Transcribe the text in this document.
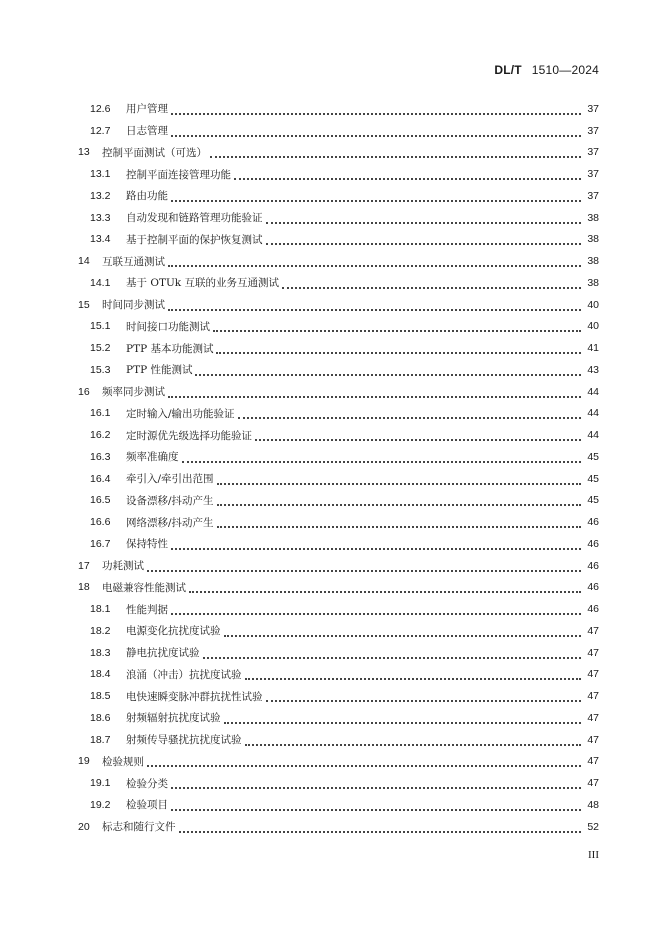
DL/T 1510—2024
12.6	用户管理	37
12.7	日志管理	37
13	控制平面测试（可选）	37
13.1	控制平面连接管理功能	37
13.2	路由功能	37
13.3	自动发现和链路管理功能验证	38
13.4	基于控制平面的保护恢复测试	38
14	互联互通测试	38
14.1	基于 OTUk 互联的业务互通测试	38
15	时间同步测试	40
15.1	时间接口功能测试	40
15.2	PTP 基本功能测试	41
15.3	PTP 性能测试	43
16	频率同步测试	44
16.1	定时输入/输出功能验证	44
16.2	定时源优先级选择功能验证	44
16.3	频率准确度	45
16.4	牵引入/牵引出范围	45
16.5	设备漂移/抖动产生	45
16.6	网络漂移/抖动产生	46
16.7	保持特性	46
17	功耗测试	46
18	电磁兼容性能测试	46
18.1	性能判据	46
18.2	电源变化抗扰度试验	47
18.3	静电抗扰度试验	47
18.4	浪涌（冲击）抗扰度试验	47
18.5	电快速瞬变脉冲群抗扰性试验	47
18.6	射频辐射抗扰度试验	47
18.7	射频传导骚扰抗扰度试验	47
19	检验规则	47
19.1	检验分类	47
19.2	检验项目	48
20	标志和随行文件	52
III
